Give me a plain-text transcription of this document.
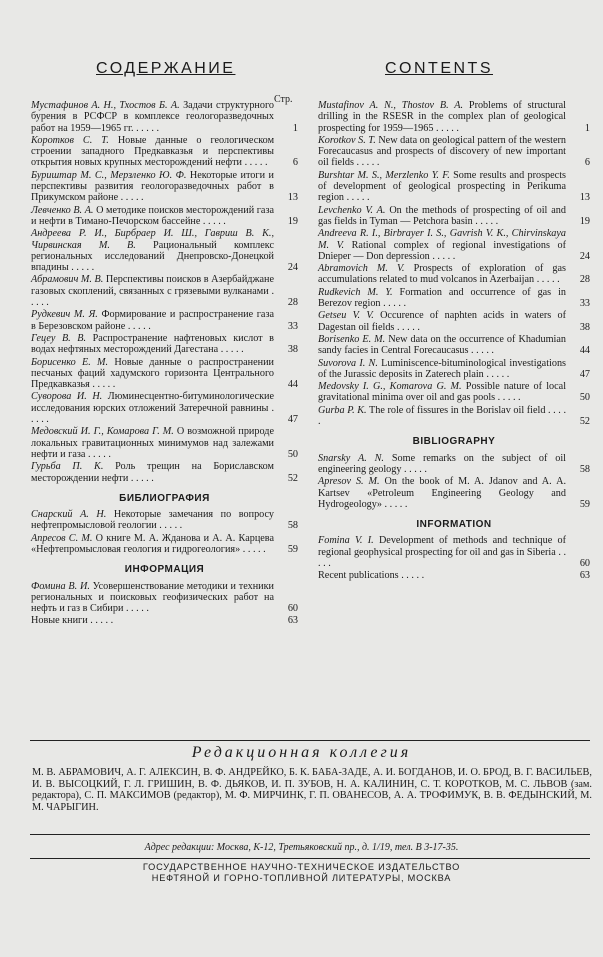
СОДЕРЖАНИЕ	CONTENTS
Стр.
Мустафинов А. Н., Тхостов Б. А. Задачи структурного бурения в РСФСР в комплексе геологоразведочных работ на 1959—1965 гг. . . . . .	1
Коротков С. Т. Новые данные о геологическом строении западного Предкавказья и перспективы открытия новых крупных месторождений нефти . . . . .	6
Буриштар М. С., Мерзленко Ю. Ф. Некоторые итоги и перспективы развития геологоразведочных работ в Прикумском районе . . . . .	13
Левченко В. А. О методике поисков месторождений газа и нефти в Тимано-Печорском бассейне . . . . .	19
Андреева Р. И., Бирбраер И. Ш., Гавриш В. К., Чирвинская М. В. Рациональный комплекс региональных исследований Днепровско-Донецкой впадины . . . . .	24
Абрамович М. В. Перспективы поисков в Азербайджане газовых скоплений, связанных с грязевыми вулканами . . . . .	28
Рудкевич М. Я. Формирование и распространение газа в Березовском районе . . . . .	33
Гецеу В. В. Распространение нафтеновых кислот в водах нефтяных месторождений Дагестана . . . . .	38
Борисенко Е. М. Новые данные о распространении песчаных фаций хадумского горизонта Центрального Предкавказья . . . . .	44
Суворова И. Н. Люминесцентно-битуминологические исследования юрских отложений Затеречной равнины . . . . .	47
Медовский И. Г., Комарова Г. М. О возможной природе локальных гравитационных минимумов над залежами нефти и газа . . . . .	50
Гурьба П. К. Роль трещин на Бориславском месторождении нефти . . . . .	52
БИБЛИОГРАФИЯ
Снарский А. Н. Некоторые замечания по вопросу нефтепромысловой геологии . . . . .	58
Апресов С. М. О книге М. А. Жданова и А. А. Карцева «Нефтепромысловая геология и гидрогеология» . . . . .	59
ИНФОРМАЦИЯ
Фомина В. И. Усовершенствование методики и техники региональных и поисковых геофизических работ на нефть и газ в Сибири . . . . .	60
Новые книги . . . . .	63
Mustafinov A. N., Thostov B. A. Problems of structural drilling in the RSESR in the complex plan of geological prospecting for 1959—1965 . . . . .	1
Korotkov S. T. New data on geological pattern of the western Forecaucasus and prospects of discovery of new important oil fields . . . . .	6
Burshtar M. S., Merzlenko Y. F. Some results and prospects of development of geological prospecting in Perikuma region . . . . .	13
Levchenko V. A. On the methods of prospecting of oil and gas fields in Tyman — Petchora basin . . . . .	19
Andreeva R. I., Birbrayer I. S., Gavrish V. K., Chirvinskaya M. V. Rational complex of regional investigations of Dnieper — Don depression . . . . .	24
Abramovich M. V. Prospects of exploration of gas accumulations related to mud volcanos in Azerbaijan . . . . .	28
Rudkevich M. Y. Formation and occurrence of gas in Berezov region . . . . .	33
Getseu V. V. Occurence of naphten acids in waters of Dagestan oil fields . . . . .	38
Borisenko E. M. New data on the occurrence of Khadumian sandy facies in Central Forecaucasus . . . . .	44
Suvorova I. N. Luminiscence-bituminological investigations of the Jurassic deposits in Zaterech plain . . . . .	47
Medovsky I. G., Komarova G. M. Possible nature of local gravitational minima over oil and gas pools . . . . .	50
Gurba P. K. The role of fissures in the Borislav oil field . . . . .	52
BIBLIOGRAPHY
Snarsky A. N. Some remarks on the subject of oil engineering geology . . . . .	58
Apresov S. M. On the book of M. A. Jdanov and A. A. Kartsev «Petroleum Engineering Geology and Hydrogeology» . . . . .	59
INFORMATION
Fomina V. I. Development of methods and technique of regional geophysical prospecting for oil and gas in Siberia . . . . .	60
Recent publications . . . . .	63
Редакционная коллегия
М. В. АБРАМОВИЧ, А. Г. АЛЕКСИН, В. Ф. АНДРЕЙКО, Б. К. БАБА-ЗАДЕ, А. И. БОГДАНОВ, И. О. БРОД, В. Г. ВАСИЛЬЕВ, И. В. ВЫСОЦКИЙ, Г. Л. ГРИШИН, В. Ф. ДЬЯКОВ, И. П. ЗУБОВ, Н. А. КАЛИНИН, С. Т. КОРОТКОВ, М. С. ЛЬВОВ (зам. редактора), С. П. МАКСИМОВ (редактор), М. Ф. МИРЧИНК, Г. П. ОВАНЕСОВ, А. А. ТРОФИМУК, В. В. ФЕДЫНСКИЙ, М. М. ЧАРЫГИН.
Адрес редакции: Москва, К-12, Третьяковский пр., д. 1/19, тел. В 3-17-35.
ГОСУДАРСТВЕННОЕ НАУЧНО-ТЕХНИЧЕСКОЕ ИЗДАТЕЛЬСТВО
НЕФТЯНОЙ И ГОРНО-ТОПЛИВНОЙ ЛИТЕРАТУРЫ, МОСКВА
